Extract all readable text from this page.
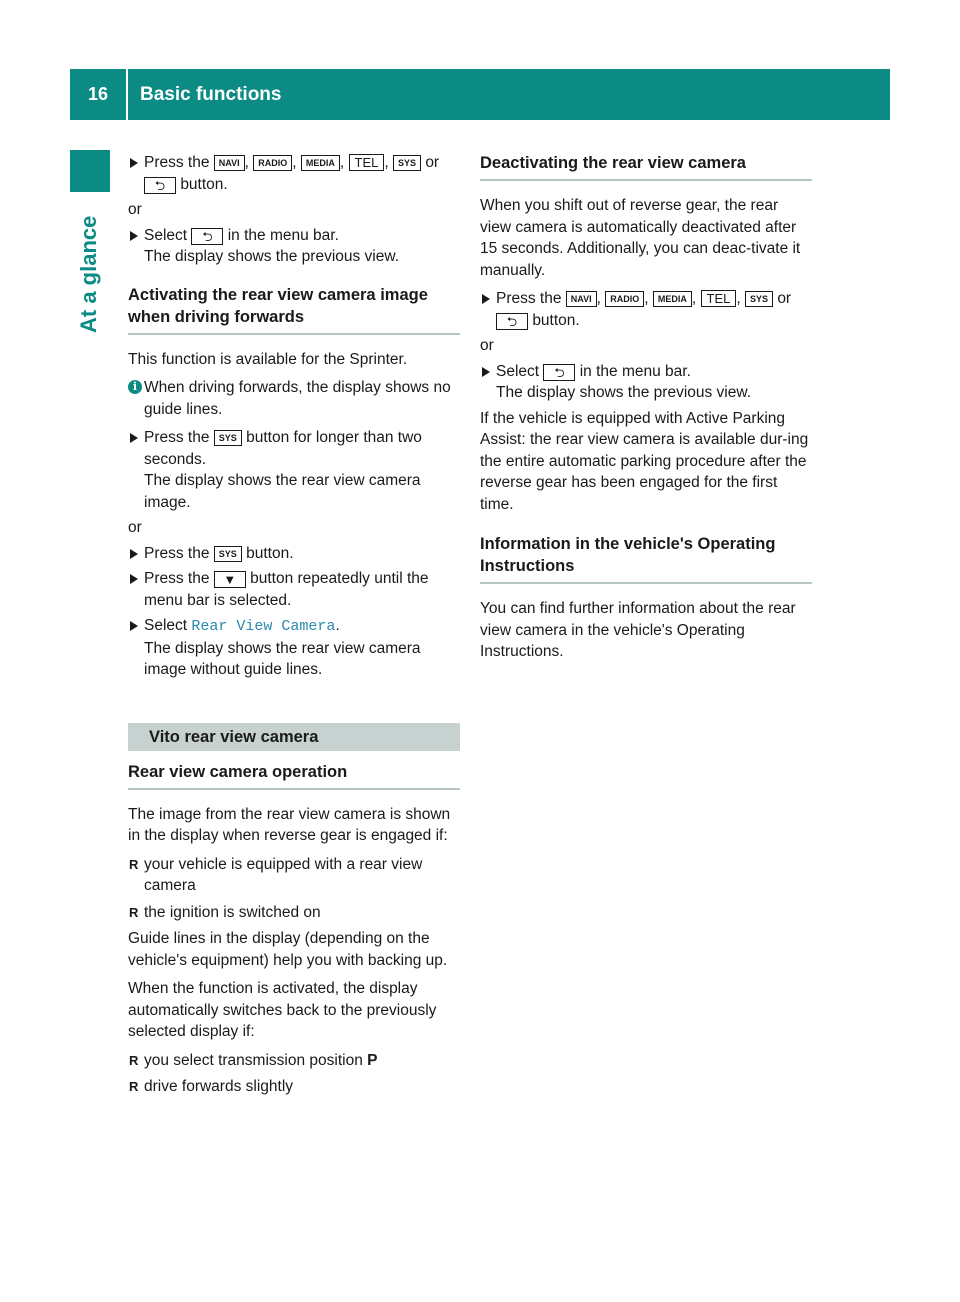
16	Basic functions
At a glance
Press the NAVI , RADIO , MEDIA , TEL , SYS or
⮌ button.
or
Select ⮌ in the menu bar.
The display shows the previous view.
Activating the rear view camera image when driving forwards

This function is available for the Sprinter.

i When driving forwards, the display shows no guide lines.
Press the SYS button for longer than two seconds.
The display shows the rear view camera image.
or
Press the SYS button.
Press the ▼ button repeatedly until the menu bar is selected.
Select Rear View Camera.
The display shows the rear view camera image without guide lines.
Vito rear view camera
Rear view camera operation

The image from the rear view camera is shown in the display when reverse gear is engaged if:

R your vehicle is equipped with a rear view camera
R the ignition is switched on

Guide lines in the display (depending on the vehicle's equipment) help you with backing up.

When the function is activated, the display automatically switches back to the previously selected display if:

R you select transmission position P
R drive forwards slightly
Deactivating the rear view camera

When you shift out of reverse gear, the rear view camera is automatically deactivated after 15 seconds. Additionally, you can deac-tivate it manually.

Press the NAVI , RADIO , MEDIA , TEL , SYS or
⮌ button.
or
Select ⮌ in the menu bar.
The display shows the previous view.

If the vehicle is equipped with Active Parking Assist: the rear view camera is available dur-ing the entire automatic parking procedure after the reverse gear has been engaged for the first time.

Information in the vehicle's Operating Instructions

You can find further information about the rear view camera in the vehicle's Operating Instructions.
